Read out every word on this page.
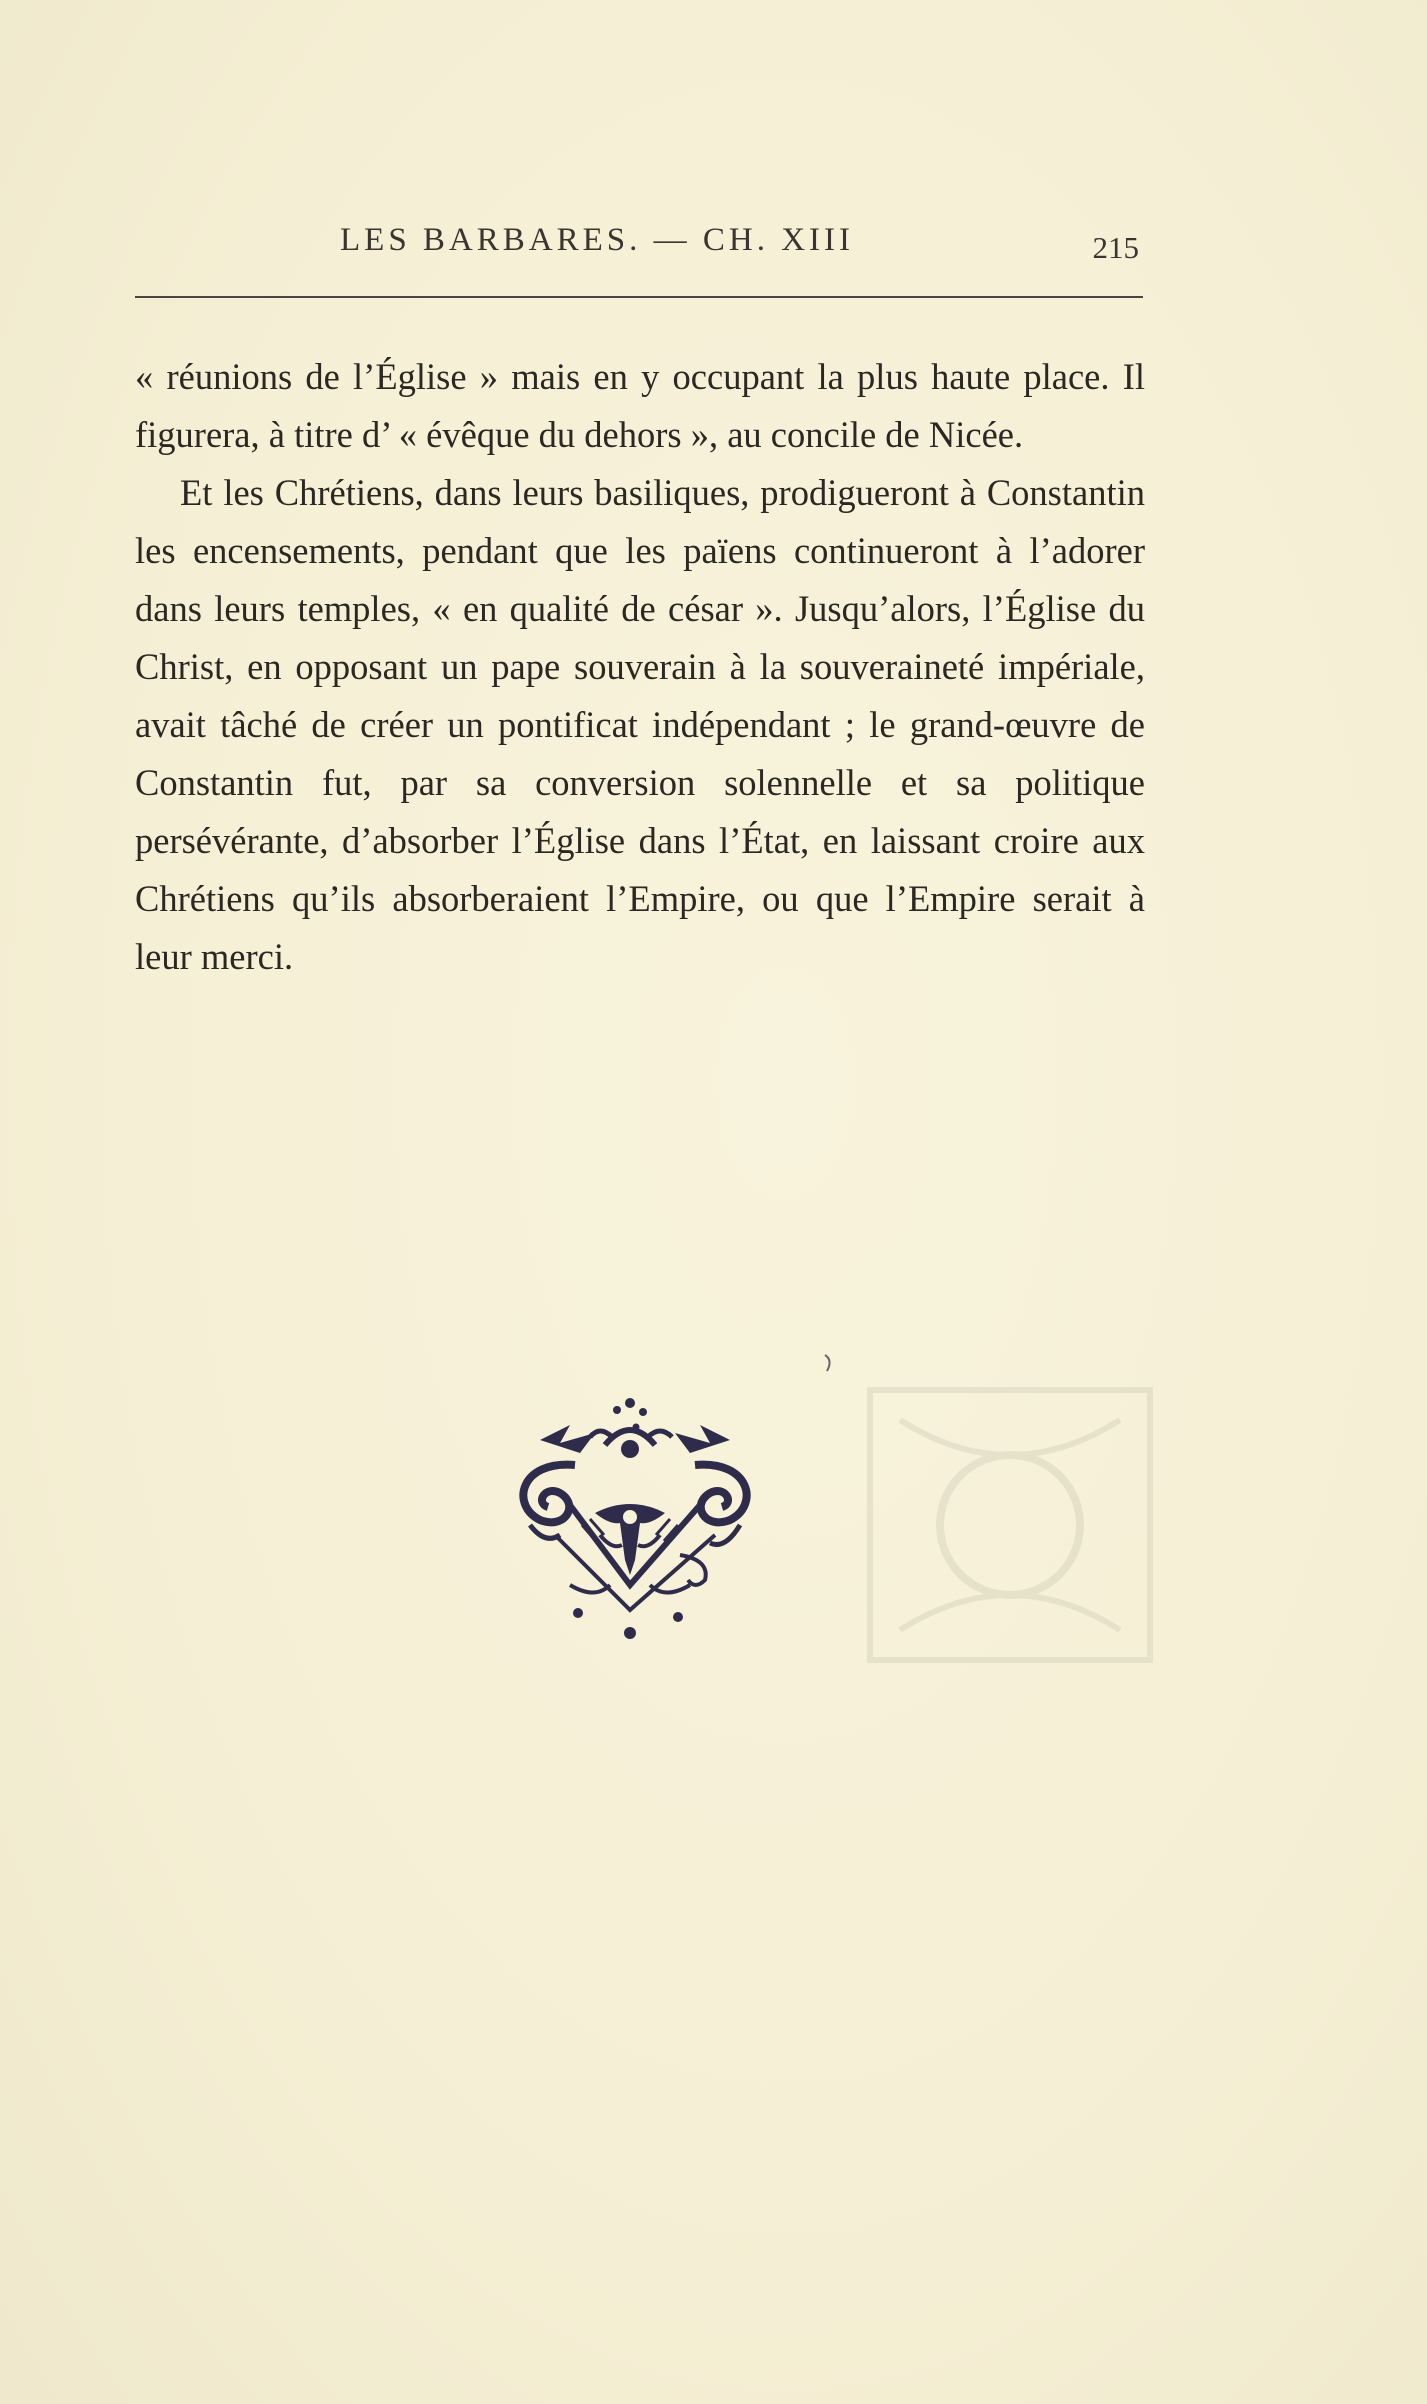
LES BARBARES. — CH. XIII	215

« réunions de l’Église » mais en y occupant la plus haute place. Il figurera, à titre d’ « évêque du dehors », au concile de Nicée.

Et les Chrétiens, dans leurs basiliques, prodigueront à Constantin les encensements, pendant que les païens continueront à l’adorer dans leurs temples, « en qualité de césar ». Jusqu’alors, l’Église du Christ, en opposant un pape souverain à la souveraineté impériale, avait tâché de créer un pontificat indépendant ; le grand-œuvre de Constantin fut, par sa conversion solennelle et sa politique persévérante, d’absorber l’Église dans l’État, en laissant croire aux Chrétiens qu’ils absorberaient l’Empire, ou que l’Empire serait à leur merci.
